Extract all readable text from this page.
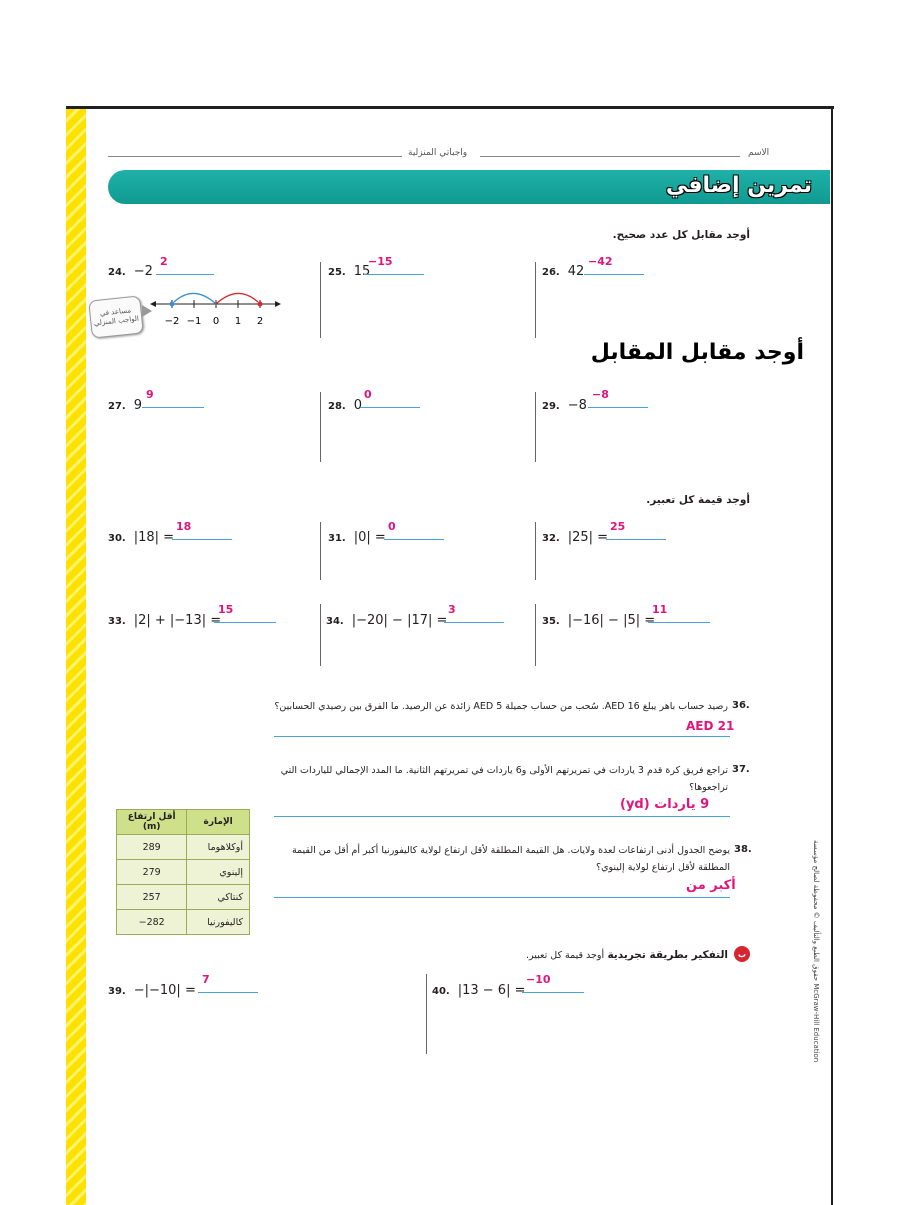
واجباتي المنزلية	الاسم
تمرين إضافي
أوجد مقابل كل عدد صحيح.
24. −2
2
−2 −1 0 1 2
مساعد في الواجب المنزلي
25. 15
−15
26. 42
−42
أوجد مقابل المقابل
27. 9
9
28. 0
0
29. −8
−8
أوجد قيمة كل تعبير.
30. |18| =
18
31. |0| =
0
32. |25| =
25
33. |2| + |−13| =
15
34. |−20| − |17| =
3
35. |−16| − |5| =
11
36.
رصيد حساب باهر يبلغ AED 16. سُحب من حساب جميلة AED 5 زائدة عن الرصيد. ما الفرق بين رصيدي الحسابين؟
AED 21
37.
تراجع فريق كرة قدم 3 ياردات في تمريرتهم الأولى و6 ياردات في تمريرتهم الثانية. ما المدد الإجمالي للياردات التي تراجعوها؟
9 ياردات (yd)
38.
يوضح الجدول أدنى ارتفاعات لعدة ولايات. هل القيمة المطلقة لأقل ارتفاع لولاية كاليفورنيا أكبر أم أقل من القيمة المطلقة لأقل ارتفاع لولاية إلينوي؟
أكبر من
أقل ارتفاع (m)	الإمارة
289	أوكلاهوما
279	إلينوي
257	كنتاكي
−282	كاليفورنيا
ب
التفكير بطريقة تجريدية أوجد قيمة كل تعبير.
39. −|−10| =
7
40. |13 − 6| =
−10	حقوق الطبع والتأليف © محفوظة لصالح مؤسسة McGraw-Hill Education
